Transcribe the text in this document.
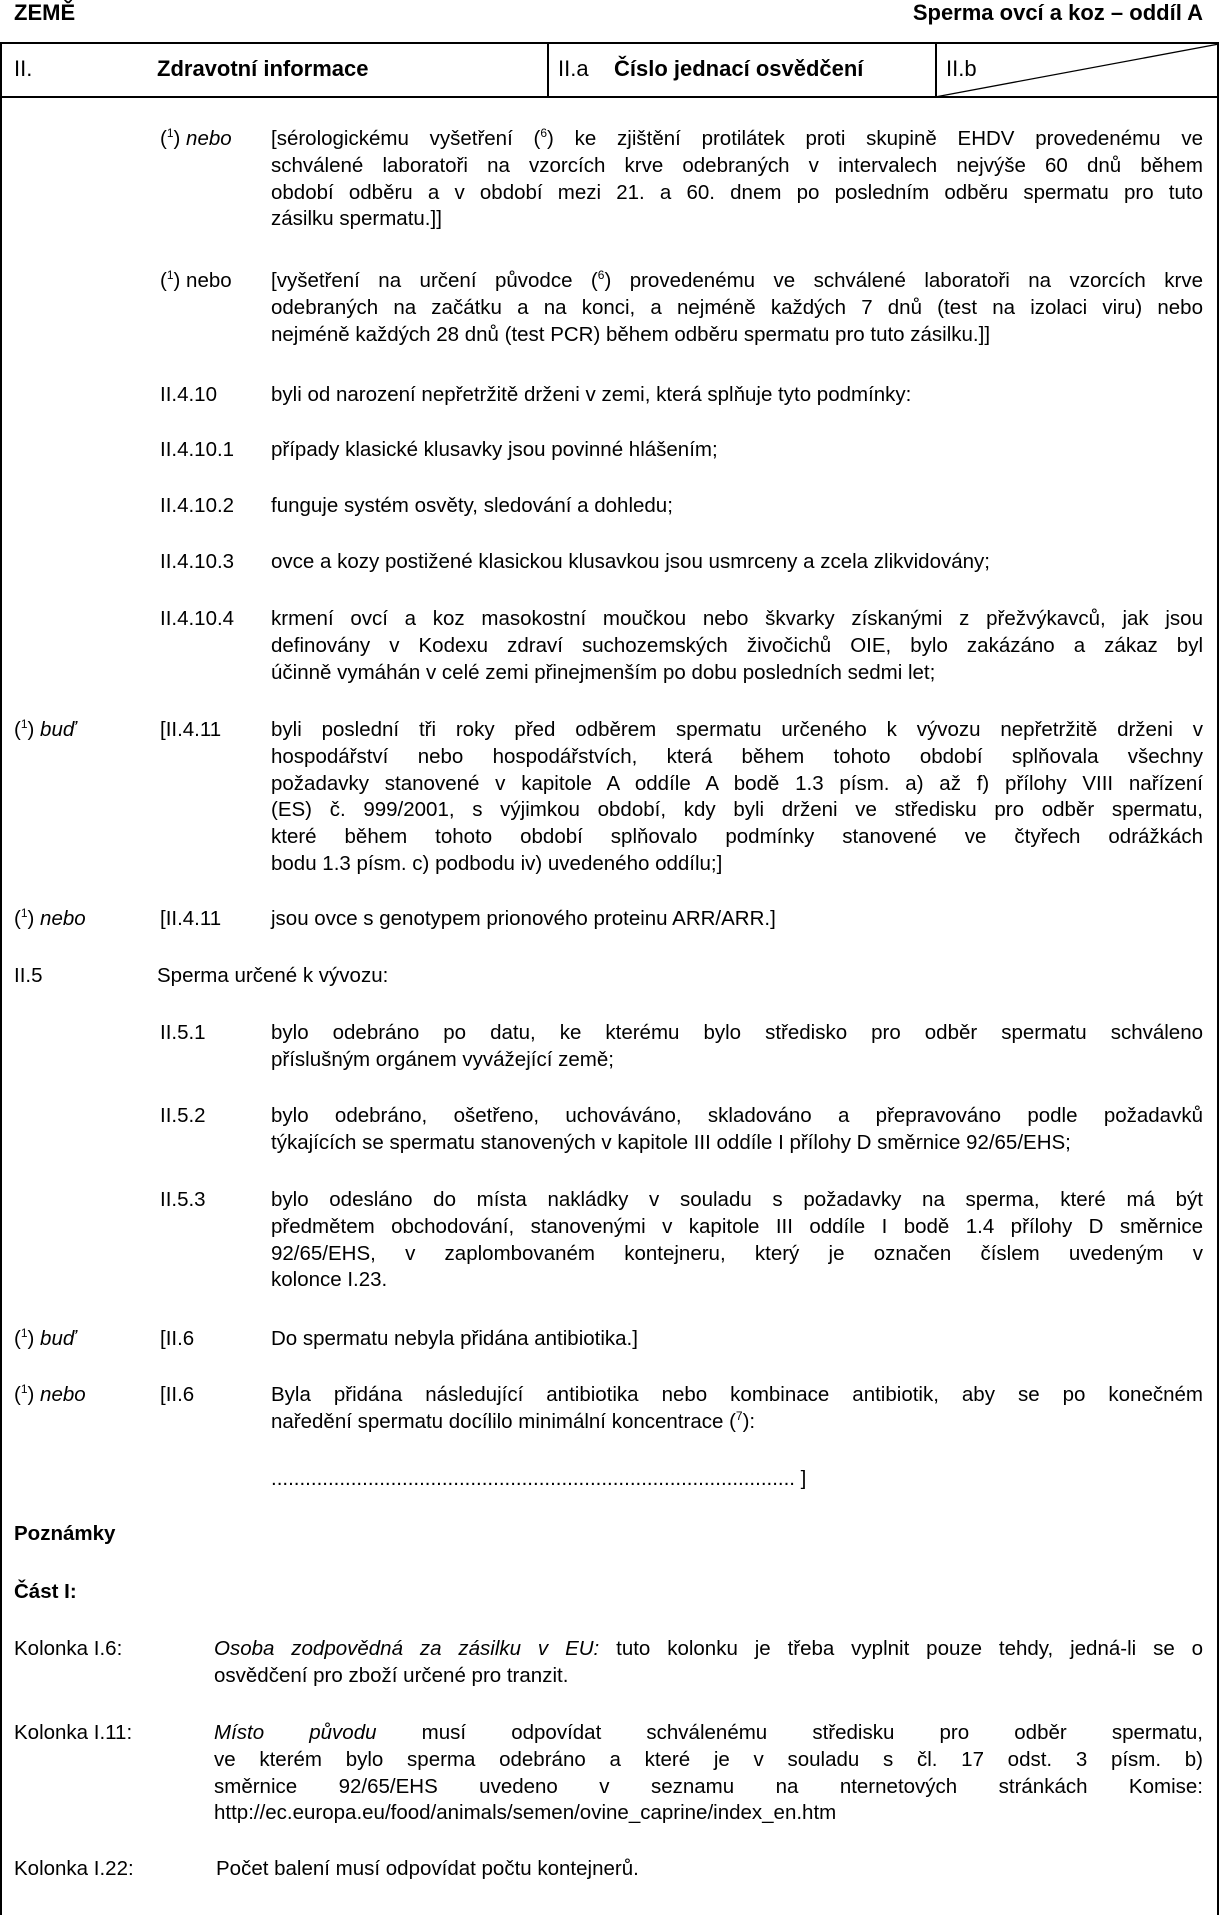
ZEMĚ	Sperma ovcí a koz – oddíl A
II.	Zdravotní informace	II.a Číslo jednací osvědčení	II.b
($^1$) nebo [sérologickému vyšetření ($^6$) ke zjištění protilátek proti skupině EHDV provedenému ve
schválené laboratoři na vzorcích krve odebraných v intervalech nejvýše 60 dnů během
období odběru a v období mezi 21. a 60. dnem po posledním odběru spermatu pro tuto
zásilku spermatu.]]
($^1$) nebo [vyšetření na určení původce ($^6$) provedenému ve schválené laboratoři na vzorcích krve
odebraných na začátku a na konci, a nejméně každých 7 dnů (test na izolaci viru) nebo
nejméně každých 28 dnů (test PCR) během odběru spermatu pro tuto zásilku.]]
II.4.10	byli od narození nepřetržitě drženi v zemi, která splňuje tyto podmínky:
II.4.10.1 případy klasické klusavky jsou povinné hlášením;
II.4.10.2 funguje systém osvěty, sledování a dohledu;
II.4.10.3 ovce a kozy postižené klasickou klusavkou jsou usmrceny a zcela zlikvidovány;
II.4.10.4 krmení ovcí a koz masokostní moučkou nebo škvarky získanými z přežvýkavců, jak jsou
definovány v Kodexu zdraví suchozemských živočichů OIE, bylo zakázáno a zákaz byl
účinně vymáhán v celé zemi přinejmenším po dobu posledních sedmi let;
($^1$) buď	[II.4.11 byli poslední tři roky před odběrem spermatu určeného k vývozu nepřetržitě drženi v
hospodářství nebo hospodářstvích, která během tohoto období splňovala všechny
požadavky stanovené v kapitole A oddíle A bodě 1.3 písm. a) až f) přílohy VIII nařízení
(ES) č. 999/2001, s výjimkou období, kdy byli drženi ve středisku pro odběr spermatu,
které během tohoto období splňovalo podmínky stanovené ve čtyřech odrážkách
bodu 1.3 písm. c) podbodu iv) uvedeného oddílu;]
($^1$) nebo	[II.4.11 jsou ovce s genotypem prionového proteinu ARR/ARR.]
II.5	Sperma určené k vývozu:
II.5.1	bylo odebráno po datu, ke kterému bylo středisko pro odběr spermatu schváleno
příslušným orgánem vyvážející země;
II.5.2	bylo odebráno, ošetřeno, uchováváno, skladováno a přepravováno podle požadavků
týkajících se spermatu stanovených v kapitole III oddíle I přílohy D směrnice 92/65/EHS;
II.5.3	bylo odesláno do místa nakládky v souladu s požadavky na sperma, které má být
předmětem obchodování, stanovenými v kapitole III oddíle I bodě 1.4 přílohy D směrnice
92/65/EHS, v zaplombovaném kontejneru, který je označen číslem uvedeným v
kolonce I.23.
($^1$) buď	[II.6	Do spermatu nebyla přidána antibiotika.]
($^1$) nebo	[II.6	Byla přidána následující antibiotika nebo kombinace antibiotik, aby se po konečném
naředění spermatu docílilo minimální koncentrace ($^7$):
............................................................................................ ]
Poznámky
Část I:
Kolonka I.6:	Osoba zodpovědná za zásilku v EU: tuto kolonku je třeba vyplnit pouze tehdy, jedná-li se o
osvědčení pro zboží určené pro tranzit.
Kolonka I.11:	Místo původu musí odpovídat schválenému středisku pro odběr spermatu,
ve kterém bylo sperma odebráno a které je v souladu s čl. 17 odst. 3 písm. b)
směrnice 92/65/EHS uvedeno v seznamu na nternetových stránkách Komise:
http://ec.europa.eu/food/animals/semen/ovine_caprine/index_en.htm
Kolonka I.22:	Počet balení musí odpovídat počtu kontejnerů.
